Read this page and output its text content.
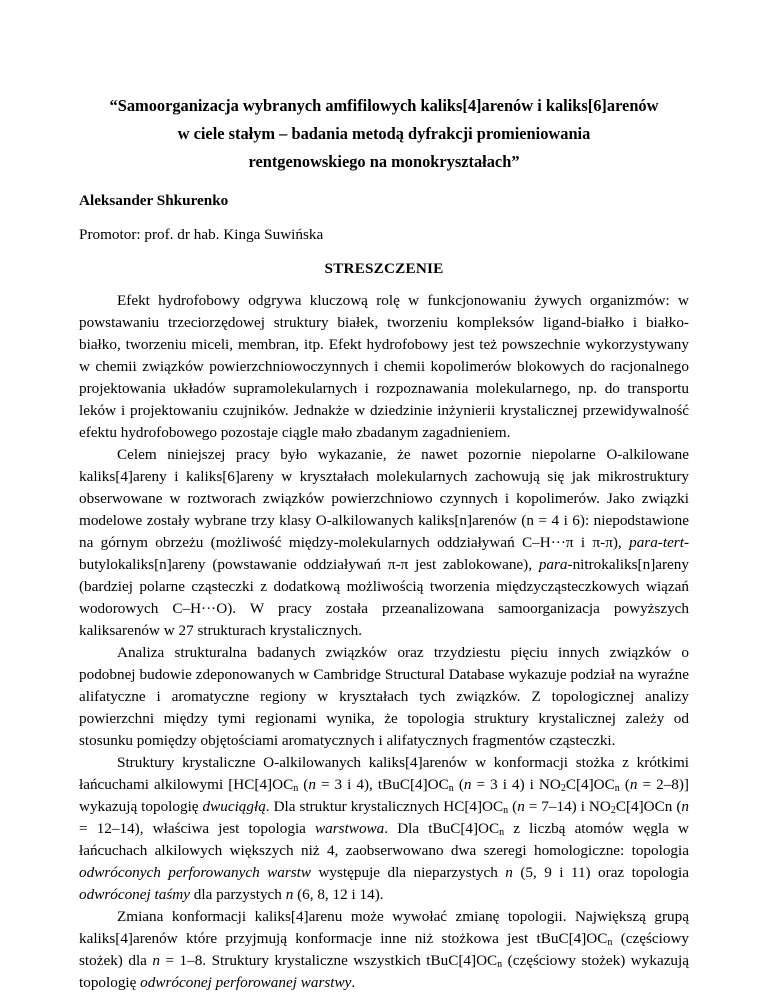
“Samoorganizacja wybranych amfifilowych kaliks[4]arenów i kaliks[6]arenów
w ciele stałym – badania metodą dyfrakcji promieniowania
rentgenowskiego na monokryształach”

Aleksander Shkurenko

Promotor: prof. dr hab. Kinga Suwińska

STRESZCZENIE

Efekt hydrofobowy odgrywa kluczową rolę w funkcjonowaniu żywych organizmów: w powstawaniu trzeciorzędowej struktury białek, tworzeniu kompleksów ligand-białko i białko-białko, tworzeniu miceli, membran, itp. Efekt hydrofobowy jest też powszechnie wykorzystywany w chemii związków powierzchniowoczynnych i chemii kopolimerów blokowych do racjonalnego projektowania układów supramolekularnych i rozpoznawania molekularnego, np. do transportu leków i projektowaniu czujników. Jednakże w dziedzinie inżynierii krystalicznej przewidywalność efektu hydrofobowego pozostaje ciągle mało zbadanym zagadnieniem.

Celem niniejszej pracy było wykazanie, że nawet pozornie niepolarne O-alkilowane kaliks[4]areny i kaliks[6]areny w kryształach molekularnych zachowują się jak mikrostruktury obserwowane w roztworach związków powierzchniowo czynnych i kopolimerów. Jako związki modelowe zostały wybrane trzy klasy O-alkilowanych kaliks[n]arenów (n = 4 i 6): niepodstawione na górnym obrzeżu (możliwość między-molekularnych oddziaływań C–H···π i π-π), para-tert-butylokaliks[n]areny (powstawanie oddziaływań π-π jest zablokowane), para-nitrokaliks[n]areny (bardziej polarne cząsteczki z dodatkową możliwością tworzenia międzycząsteczkowych wiązań wodorowych C–H···O). W pracy została przeanalizowana samoorganizacja powyższych kaliksarenów w 27 strukturach krystalicznych.

Analiza strukturalna badanych związków oraz trzydziestu pięciu innych związków o podobnej budowie zdeponowanych w Cambridge Structural Database wykazuje podział na wyraźne alifatyczne i aromatyczne regiony w kryształach tych związków. Z topologicznej analizy powierzchni między tymi regionami wynika, że topologia struktury krystalicznej zależy od stosunku pomiędzy objętościami aromatycznych i alifatycznych fragmentów cząsteczki.

Struktury krystaliczne O-alkilowanych kaliks[4]arenów w konformacji stożka z krótkimi łańcuchami alkilowymi [$HC[4]OC_n$ (n = 3 i 4), $tBuC[4]OC_n$ (n = 3 i 4) i $NO_2C[4]OC_n$ (n = 2–8)] wykazują topologię dwuciągłą. Dla struktur krystalicznych $HC[4]OC_n$ (n = 7–14) i $NO_2C[4]OCn$ (n = 12–14), właściwa jest topologia warstwowa. Dla $tBuC[4]OC_n$ z liczbą atomów węgla w łańcuchach alkilowych większych niż 4, zaobserwowano dwa szeregi homologiczne: topologia odwróconych perforowanych warstw występuje dla nieparzystych n (5, 9 i 11) oraz topologia odwróconej taśmy dla parzystych n (6, 8, 12 i 14).

Zmiana konformacji kaliks[4]arenu może wywołać zmianę topologii. Największą grupą kaliks[4]arenów które przyjmują konformacje inne niż stożkowa jest $tBuC[4]OC_n$ (częściowy stożek) dla n = 1–8. Struktury krystaliczne wszystkich $tBuC[4]OC_n$ (częściowy stożek) wykazują topologię odwróconej perforowanej warstwy.
